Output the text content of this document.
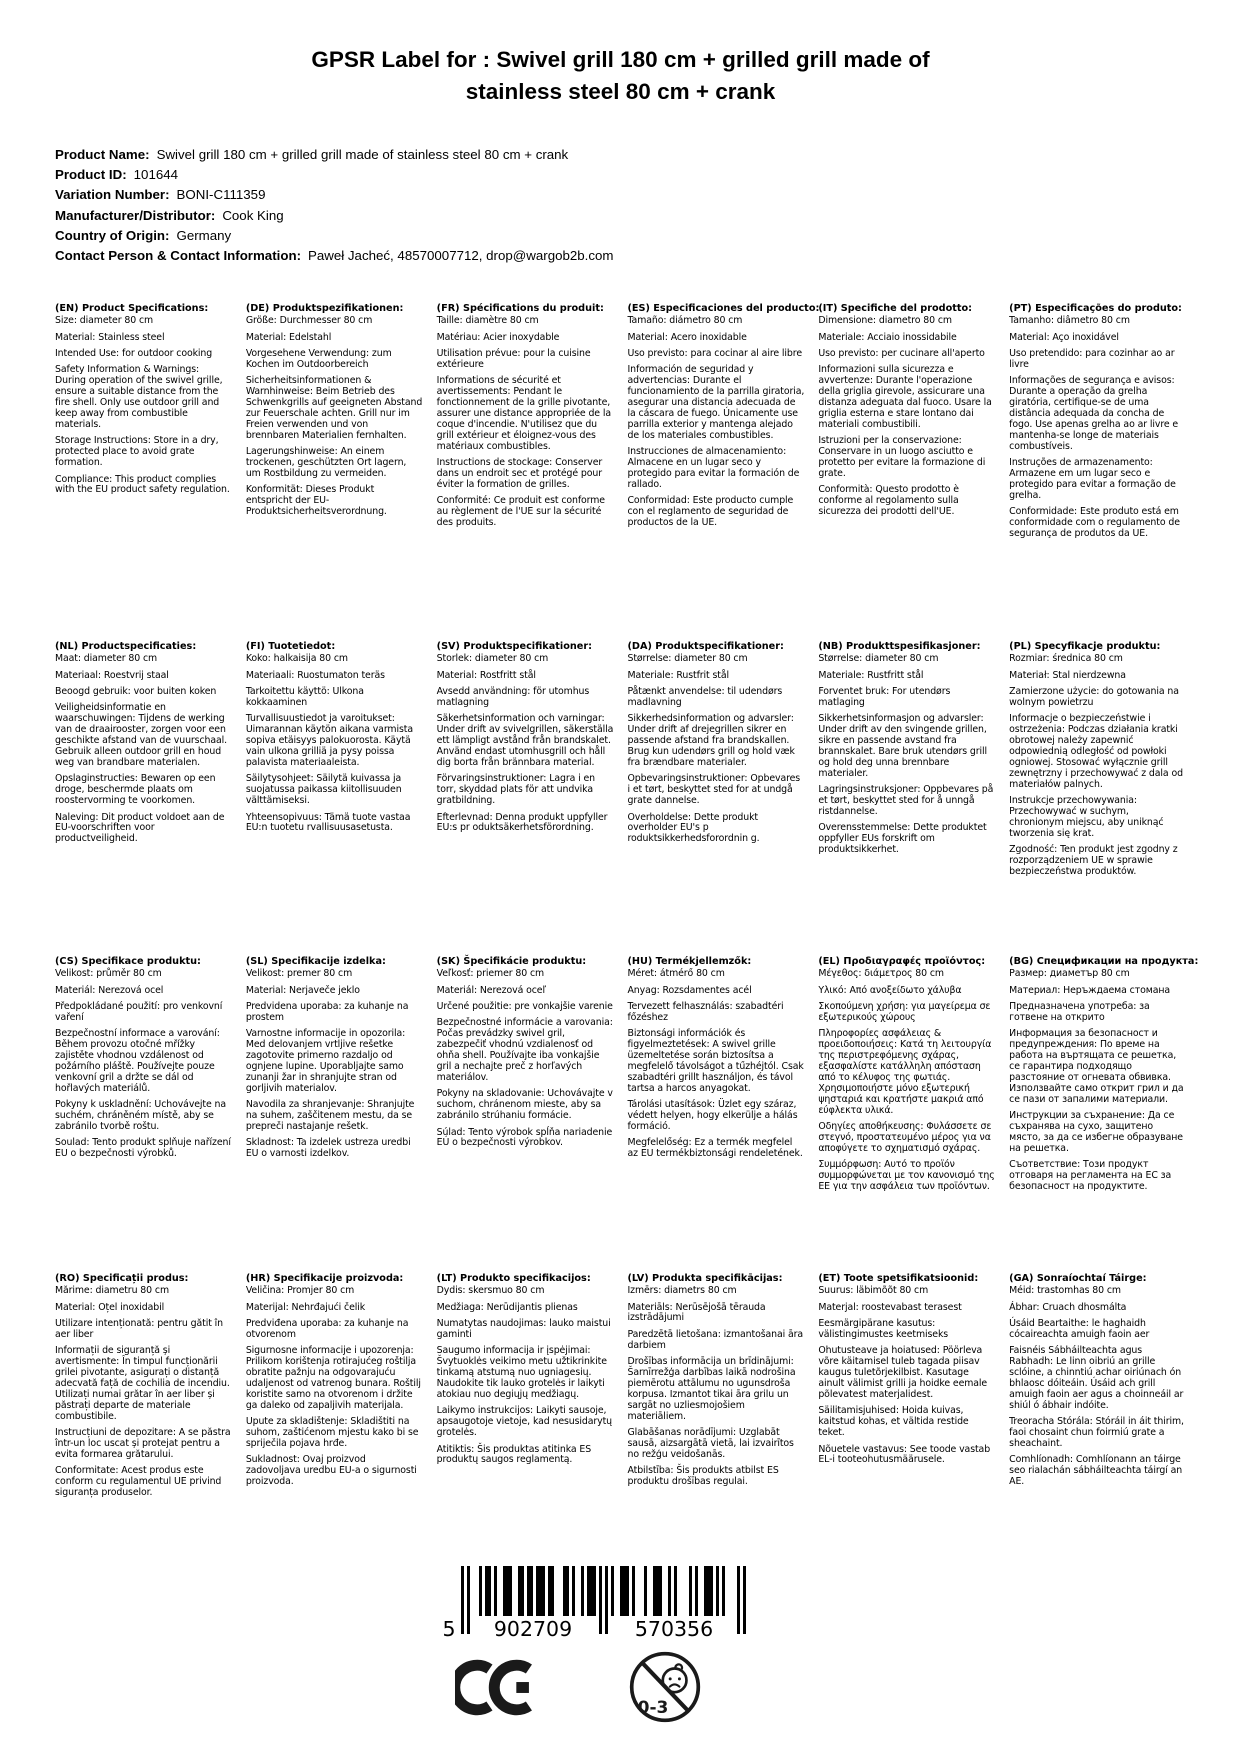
GPSR Label for : Swivel grill 180 cm + grilled grill made of stainless steel 80 cm + crank
Product Name: Swivel grill 180 cm + grilled grill made of stainless steel 80 cm + crank
Product ID: 101644
Variation Number: BONI-C111359
Manufacturer/Distributor: Cook King
Country of Origin: Germany
Contact Person & Contact Information: Paweł Jacheć, 48570007712, drop@wargob2b.com
(EN) Product Specifications:

Size: diameter 80 cm

Material: Stainless steel

Intended Use: for outdoor cooking

Safety Information & Warnings: During operation of the swivel grille, ensure a suitable distance from the fire shell. Only use outdoor grill and keep away from combustible materials.

Storage Instructions: Store in a dry, protected place to avoid grate formation.

Compliance: This product complies with the EU product safety regulation.

(DE) Produktspezifikationen:

Größe: Durchmesser 80 cm

Material: Edelstahl

Vorgesehene Verwendung: zum Kochen im Outdoorbereich

Sicherheitsinformationen & Warnhinweise: Beim Betrieb des Schwenkgrills auf geeigneten Abstand zur Feuerschale achten. Grill nur im Freien verwenden und von brennbaren Materialien fernhalten.

Lagerungshinweise: An einem trockenen, geschützten Ort lagern, um Rostbildung zu vermeiden.

Konformität: Dieses Produkt entspricht der EU-Produktsicherheitsverordnung.

(FR) Spécifications du produit:

Taille: diamètre 80 cm

Matériau: Acier inoxydable

Utilisation prévue: pour la cuisine extérieure

Informations de sécurité et avertissements: Pendant le fonctionnement de la grille pivotante, assurer une distance appropriée de la coque d'incendie. N'utilisez que du grill extérieur et éloignez-vous des matériaux combustibles.

Instructions de stockage: Conserver dans un endroit sec et protégé pour éviter la formation de grilles.

Conformité: Ce produit est conforme au règlement de l'UE sur la sécurité des produits.

(ES) Especificaciones del producto:

Tamaño: diámetro 80 cm

Material: Acero inoxidable

Uso previsto: para cocinar al aire libre

Información de seguridad y advertencias: Durante el funcionamiento de la parrilla giratoria, asegurar una distancia adecuada de la cáscara de fuego. Únicamente use parrilla exterior y mantenga alejado de los materiales combustibles.

Instrucciones de almacenamiento: Almacene en un lugar seco y protegido para evitar la formación de rallado.

Conformidad: Este producto cumple con el reglamento de seguridad de productos de la UE.

(IT) Specifiche del prodotto:

Dimensione: diametro 80 cm

Materiale: Acciaio inossidabile

Uso previsto: per cucinare all'aperto

Informazioni sulla sicurezza e avvertenze: Durante l'operazione della griglia girevole, assicurare una distanza adeguata dal fuoco. Usare la griglia esterna e stare lontano dai materiali combustibili.

Istruzioni per la conservazione: Conservare in un luogo asciutto e protetto per evitare la formazione di grate.

Conformità: Questo prodotto è conforme al regolamento sulla sicurezza dei prodotti dell'UE.

(PT) Especificações do produto:

Tamanho: diâmetro 80 cm

Material: Aço inoxidável

Uso pretendido: para cozinhar ao ar livre

Informações de segurança e avisos: Durante a operação da grelha giratória, certifique-se de uma distância adequada da concha de fogo. Use apenas grelha ao ar livre e mantenha-se longe de materiais combustíveis.

Instruções de armazenamento: Armazene em um lugar seco e protegido para evitar a formação de grelha.

Conformidade: Este produto está em conformidade com o regulamento de segurança de produtos da UE.

(NL) Productspecificaties:

Maat: diameter 80 cm

Materiaal: Roestvrij staal

Beoogd gebruik: voor buiten koken

Veiligheidsinformatie en waarschuwingen: Tijdens de werking van de draairooster, zorgen voor een geschikte afstand van de vuurschaal. Gebruik alleen outdoor grill en houd weg van brandbare materialen.

Opslaginstructies: Bewaren op een droge, beschermde plaats om roostervorming te voorkomen.

Naleving: Dit product voldoet aan de EU-voorschriften voor productveiligheid.

(FI) Tuotetiedot:

Koko: halkaisija 80 cm

Materiaali: Ruostumaton teräs

Tarkoitettu käyttö: Ulkona kokkaaminen

Turvallisuustiedot ja varoitukset: Uimarannan käytön aikana varmista sopiva etäisyys palokuorosta. Käytä vain ulkona grilliä ja pysy poissa palavista materiaaleista.

Säilytysohjeet: Säilytä kuivassa ja suojatussa paikassa kiitollisuuden välttämiseksi.

Yhteensopivuus: Tämä tuote vastaa EU:n tuotetu rvallisuusasetusta.

(SV) Produktspecifikationer:

Storlek: diameter 80 cm

Material: Rostfritt stål

Avsedd användning: för utomhus matlagning

Säkerhetsinformation och varningar: Under drift av svivelgrillen, säkerställa ett lämpligt avstånd från brandskalet. Använd endast utomhusgrill och håll dig borta från brännbara material.

Förvaringsinstruktioner: Lagra i en torr, skyddad plats för att undvika gratbildning.

Efterlevnad: Denna produkt uppfyller EU:s pr oduktsäkerhetsförordning.

(DA) Produktspecifikationer:

Størrelse: diameter 80 cm

Materiale: Rustfrit stål

Påtænkt anvendelse: til udendørs madlavning

Sikkerhedsinformation og advarsler: Under drift af drejegrillen sikrer en passende afstand fra brandskallen. Brug kun udendørs grill og hold væk fra brændbare materialer.

Opbevaringsinstruktioner: Opbevares i et tørt, beskyttet sted for at undgå grate dannelse.

Overholdelse: Dette produkt overholder EU's p roduktsikkerhedsforordnin g.

(NB) Produkttspesifikasjoner:

Størrelse: diameter 80 cm

Materiale: Rustfritt stål

Forventet bruk: For utendørs matlaging

Sikkerhetsinformasjon og advarsler: Under drift av den svingende grillen, sikre en passende avstand fra brannskalet. Bare bruk utendørs grill og hold deg unna brennbare materialer.

Lagringsinstruksjoner: Oppbevares på et tørt, beskyttet sted for å unngå ristdannelse.

Overensstemmelse: Dette produktet oppfyller EUs forskrift om produktsikkerhet.

(PL) Specyfikacje produktu:

Rozmiar: średnica 80 cm

Materiał: Stal nierdzewna

Zamierzone użycie: do gotowania na wolnym powietrzu

Informacje o bezpieczeństwie i ostrzeżenia: Podczas działania kratki obrotowej należy zapewnić odpowiednią odległość od powłoki ogniowej. Stosować wyłącznie grill zewnętrzny i przechowywać z dala od materiałów palnych.

Instrukcje przechowywania: Przechowywać w suchym, chronionym miejscu, aby uniknąć tworzenia się krat.

Zgodność: Ten produkt jest zgodny z rozporządzeniem UE w sprawie bezpieczeństwa produktów.

(CS) Specifikace produktu:

Velikost: průměr 80 cm

Materiál: Nerezová ocel

Předpokládané použití: pro venkovní vaření

Bezpečnostní informace a varování: Během provozu otočné mřížky zajistěte vhodnou vzdálenost od požárního pláště. Používejte pouze venkovní gril a držte se dál od hořlavých materiálů.

Pokyny k uskladnění: Uchovávejte na suchém, chráněném místě, aby se zabránilo tvorbě roštu.

Soulad: Tento produkt splňuje nařízení EU o bezpečnosti výrobků.

(SL) Specifikacije izdelka:

Velikost: premer 80 cm

Material: Nerjaveče jeklo

Predvidena uporaba: za kuhanje na prostem

Varnostne informacije in opozorila: Med delovanjem vrtljive rešetke zagotovite primerno razdaljo od ognjene lupine. Uporabljajte samo zunanji žar in shranjujte stran od gorljivih materialov.

Navodila za shranjevanje: Shranjujte na suhem, zaščitenem mestu, da se prepreči nastajanje rešetk.

Skladnost: Ta izdelek ustreza uredbi EU o varnosti izdelkov.

(SK) Špecifikácie produktu:

Veľkosť: priemer 80 cm

Materiál: Nerezová oceľ

Určené použitie: pre vonkajšie varenie

Bezpečnostné informácie a varovania: Počas prevádzky swivel gril, zabezpečiť vhodnú vzdialenosť od ohňa shell. Používajte iba vonkajšie gril a nechajte preč z horľavých materiálov.

Pokyny na skladovanie: Uchovávajte v suchom, chránenom mieste, aby sa zabránilo strúhaniu formácie.

Súlad: Tento výrobok spĺňa nariadenie EÚ o bezpečnosti výrobkov.

(HU) Termékjellemzők:

Méret: átmérő 80 cm

Anyag: Rozsdamentes acél

Tervezett felhasználás: szabadtéri főzéshez

Biztonsági információk és figyelmeztetések: A swivel grille üzemeltetése során biztosítsa a megfelelő távolságot a tűzhéjtól. Csak szabadtéri grillt használjon, és távol tartsa a harcos anyagokat.

Tárolási utasítások: Üzlet egy száraz, védett helyen, hogy elkerülje a hálás formáció.

Megfelelőség: Ez a termék megfelel az EU termékbiztonsági rendeletének.

(EL) Προδιαγραφές προϊόντος:

Μέγεθος: διάμετρος 80 cm

Υλικό: Από ανοξείδωτο χάλυβα

Σκοπούμενη χρήση: για μαγείρεμα σε εξωτερικούς χώρους

Πληροφορίες ασφάλειας & προειδοποιήσεις: Κατά τη λειτουργία της περιστρεφόμενης σχάρας, εξασφαλίστε κατάλληλη απόσταση από το κέλυφος της φωτιάς. Χρησιμοποιήστε μόνο εξωτερική ψησταριά και κρατήστε μακριά από εύφλεκτα υλικά.

Οδηγίες αποθήκευσης: Φυλάσσετε σε στεγνό, προστατευμένο μέρος για να αποφύγετε το σχηματισμό σχάρας.

Συμμόρφωση: Αυτό το προϊόν συμμορφώνεται με τον κανονισμό της ΕΕ για την ασφάλεια των προϊόντων.

(BG) Спецификации на продукта:

Размер: диаметър 80 cm

Материал: Неръждаема стомана

Предназначена употреба: за готвене на открито

Информация за безопасност и предупреждения: По време на работа на въртящата се решетка, се гарантира подходящо разстояние от огневата обвивка. Използвайте само открит грил и да се пази от запалими материали.

Инструкции за съхранение: Да се съхранява на сухо, защитено място, за да се избегне образуване на решетка.

Съответствие: Този продукт отговаря на регламента на ЕС за безопасност на продуктите.

(RO) Specificații produs:

Mărime: diametru 80 cm

Material: Oțel inoxidabil

Utilizare intenționată: pentru gătit în aer liber

Informații de siguranță și avertismente: În timpul funcționării grilei pivotante, asigurați o distanță adecvată față de cochilia de incendiu. Utilizați numai grătar în aer liber și păstrați departe de materiale combustibile.

Instrucțiuni de depozitare: A se păstra într-un loc uscat și protejat pentru a evita formarea grătarului.

Conformitate: Acest produs este conform cu regulamentul UE privind siguranța produselor.

(HR) Specifikacije proizvoda:

Veličina: Promjer 80 cm

Materijal: Nehrđajući čelik

Predviđena uporaba: za kuhanje na otvorenom

Sigurnosne informacije i upozorenja: Prilikom korištenja rotirajućeg roštilja obratite pažnju na odgovarajuću udaljenost od vatrenog bunara. Roštilj koristite samo na otvorenom i držite ga daleko od zapaljivih materijala.

Upute za skladištenje: Skladištiti na suhom, zaštićenom mjestu kako bi se spriječila pojava hrđe.

Sukladnost: Ovaj proizvod zadovoljava uredbu EU-a o sigurnosti proizvoda.

(LT) Produkto specifikacijos:

Dydis: skersmuo 80 cm

Medžiaga: Nerūdijantis plienas

Numatytas naudojimas: lauko maistui gaminti

Saugumo informacija ir įspėjimai: Švytuoklės veikimo metu užtikrinkite tinkamą atstumą nuo ugniagesių. Naudokite tik lauko grotelės ir laikyti atokiau nuo degiųjų medžiagų.

Laikymo instrukcijos: Laikyti sausoje, apsaugotoje vietoje, kad nesusidarytų grotelės.

Atitiktis: Šis produktas atitinka ES produktų saugos reglamentą.

(LV) Produkta specifikācijas:

Izmērs: diametrs 80 cm

Materiāls: Nerūsējošā tērauda izstrādājumi

Paredzētā lietošana: izmantošanai āra darbiem

Drošības informācija un brīdinājumi: Šarnīrrežģa darbības laikā nodrošina piemērotu attālumu no ugunsdroša korpusa. Izmantot tikai āra grilu un sargāt no uzliesmojošiem materiāliem.

Glabāšanas norādījumi: Uzglabāt sausā, aizsargātā vietā, lai izvairītos no režģu veidošanās.

Atbilstība: Šis produkts atbilst ES produktu drošības regulai.

(ET) Toote spetsifikatsioonid:

Suurus: läbimõõt 80 cm

Materjal: roostevabast terasest

Eesmärgipärane kasutus: välistingimustes keetmiseks

Ohutusteave ja hoiatused: Pöörleva võre käitamisel tuleb tagada piisav kaugus tuletõrjekilbist. Kasutage ainult välimist grilli ja hoidke eemale põlevatest materjalidest.

Säilitamisjuhised: Hoida kuivas, kaitstud kohas, et vältida restide teket.

Nõuetele vastavus: See toode vastab EL-i tooteohutusmäärusele.

(GA) Sonraíochtaí Táirge:

Méid: trastomhas 80 cm

Ábhar: Cruach dhosmálta

Úsáid Beartaithe: le haghaidh cócaireachta amuigh faoin aer

Faisnéis Sábháilteachta agus Rabhadh: Le linn oibriú an grille sclóine, a chinntiú achar oiriúnach ón bhlaosc dóiteáin. Úsáid ach grill amuigh faoin aer agus a choinneáil ar shiúl ó ábhair indóite.

Treoracha Stórála: Stóráil in áit thirim, faoi chosaint chun foirmiú grate a sheachaint.

Comhlíonadh: Comhlíonann an táirge seo rialachán sábháilteachta táirgí an AE.

5 902709	570356
0-3
